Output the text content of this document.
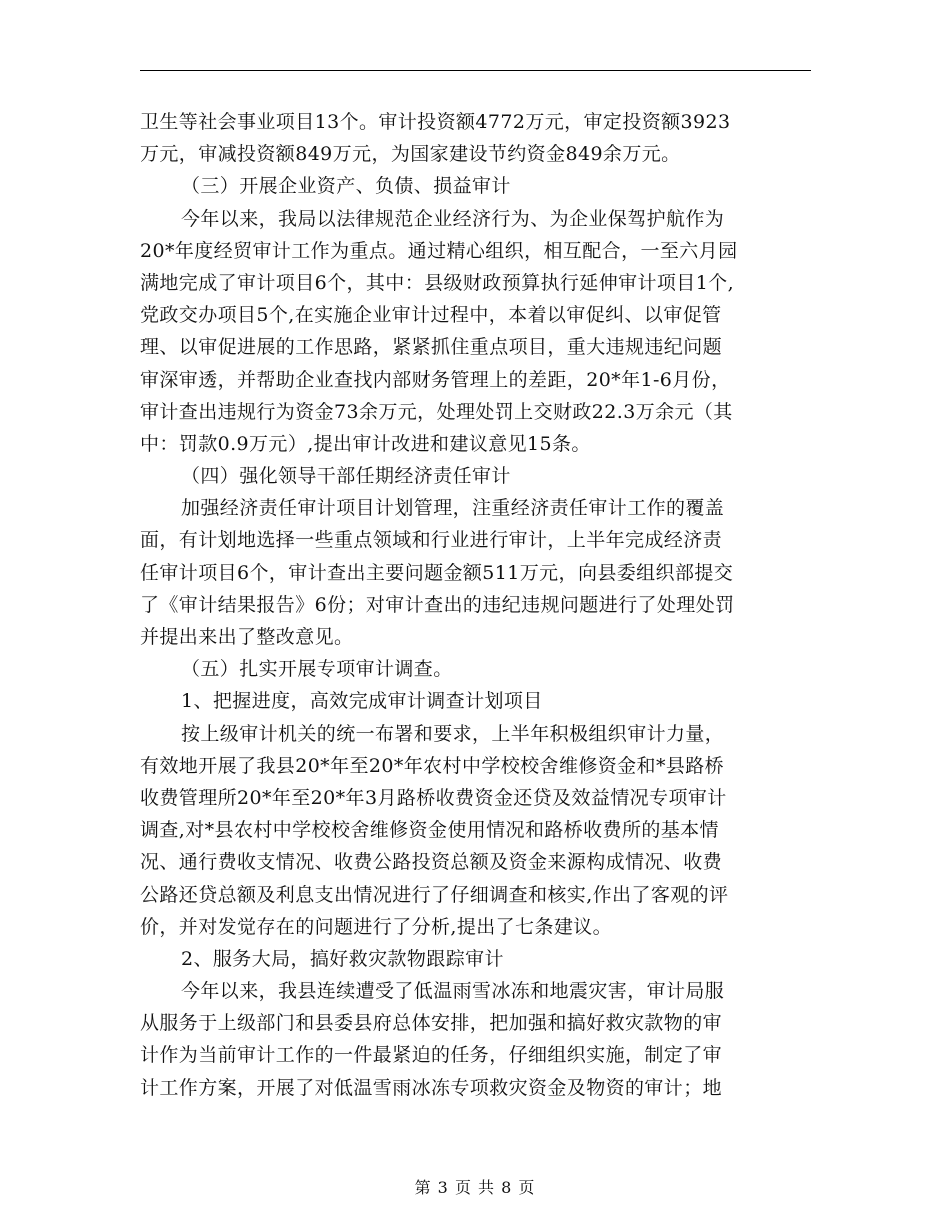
卫生等社会事业项目13个。审计投资额4772万元，审定投资额3923
万元，审减投资额849万元，为国家建设节约资金849余万元。
（三）开展企业资产、负债、损益审计
今年以来，我局以法律规范企业经济行为、为企业保驾护航作为
20*年度经贸审计工作为重点。通过精心组织，相互配合，一至六月园
满地完成了审计项目6个，其中：县级财政预算执行延伸审计项目1个,
党政交办项目5个,在实施企业审计过程中，本着以审促纠、以审促管
理、以审促进展的工作思路，紧紧抓住重点项目，重大违规违纪问题
审深审透，并帮助企业查找内部财务管理上的差距，20*年1-6月份，
审计查出违规行为资金73余万元，处理处罚上交财政22.3万余元（其
中：罚款0.9万元）,提出审计改进和建议意见15条。
（四）强化领导干部任期经济责任审计
加强经济责任审计项目计划管理，注重经济责任审计工作的覆盖
面，有计划地选择一些重点领域和行业进行审计，上半年完成经济责
任审计项目6个，审计查出主要问题金额511万元，向县委组织部提交
了《审计结果报告》6份；对审计查出的违纪违规问题进行了处理处罚
并提出来出了整改意见。
（五）扎实开展专项审计调查。
1、把握进度，高效完成审计调查计划项目
按上级审计机关的统一布署和要求，上半年积极组织审计力量，
有效地开展了我县20*年至20*年农村中学校校舍维修资金和*县路桥
收费管理所20*年至20*年3月路桥收费资金还贷及效益情况专项审计
调查,对*县农村中学校校舍维修资金使用情况和路桥收费所的基本情
况、通行费收支情况、收费公路投资总额及资金来源构成情况、收费
公路还贷总额及利息支出情况进行了仔细调查和核实,作出了客观的评
价，并对发觉存在的问题进行了分析,提出了七条建议。
2、服务大局，搞好救灾款物跟踪审计
今年以来，我县连续遭受了低温雨雪冰冻和地震灾害，审计局服
从服务于上级部门和县委县府总体安排，把加强和搞好救灾款物的审
计作为当前审计工作的一件最紧迫的任务，仔细组织实施，制定了审
计工作方案，开展了对低温雪雨冰冻专项救灾资金及物资的审计；地
第 3 页 共 8 页
